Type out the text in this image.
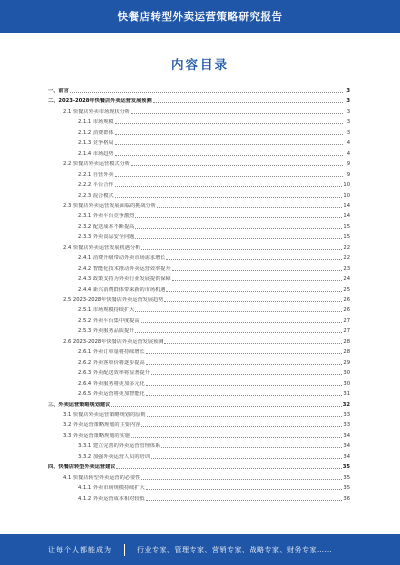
快餐店转型外卖运营策略研究报告
内容目录
一、前言	3
二、2023-2028年快餐店外卖运营发展预测	3
2.1 快餐店外卖市场现状分析	3
2.1.1 市场规模	3
2.1.2 消费群体	3
2.1.3 竞争格局	4
2.1.4 市场趋势	4
2.2 快餐店外卖运营模式分析	9
2.2.1 自营外卖	9
2.2.2 平台合作	10
2.2.3 混合模式	10
2.3 快餐店外卖运营发展面临的挑战分析	14
2.3.1 外卖平台竞争激烈	14
2.3.2 配送成本不断提高	15
2.3.3 外卖食品安全问题	15
2.4 快餐店外卖运营发展机遇分析	22
2.4.1 消费升级带动外卖市场需求增长	22
2.4.2 智能化技术推动外卖运营效率提升	23
2.4.3 政策支持为外卖行业发展提供保障	24
2.4.4 新兴消费群体带来新的市场机遇	25
2.5 2023-2028年快餐店外卖运营发展趋势	26
2.5.1 市场规模持续扩大	26
2.5.2 外卖平台集中度提高	27
2.5.3 外卖服务品质提升	27
2.6 2023-2028年快餐店外卖运营发展预测	28
2.6.1 外卖订单量将持续增长	28
2.6.2 外卖客单价将逐步提高	29
2.6.3 外卖配送效率将显著提升	30
2.6.4 外卖服务将更加多元化	30
2.6.5 外卖运营将更加智能化	31
三、外卖运营策略规划建议	32
3.1 快餐店外卖运营策略规划的原则	33
3.2 外卖运营策略规划的主要内容	33
3.3 外卖运营策略规划的实施	34
3.3.1 建立完善的外卖运营管理体系	34
3.3.2 加强外卖运营人员的培训	34
四、快餐店转型外卖运营建议	35
4.1 快餐店转型外卖运营的必要性	35
4.1.1 外卖市场规模持续扩大	35
4.1.2 外卖运营成本相对较低	36
让每个人都能成为	行业专家、管理专家、营销专家、战略专家、财务专家……
